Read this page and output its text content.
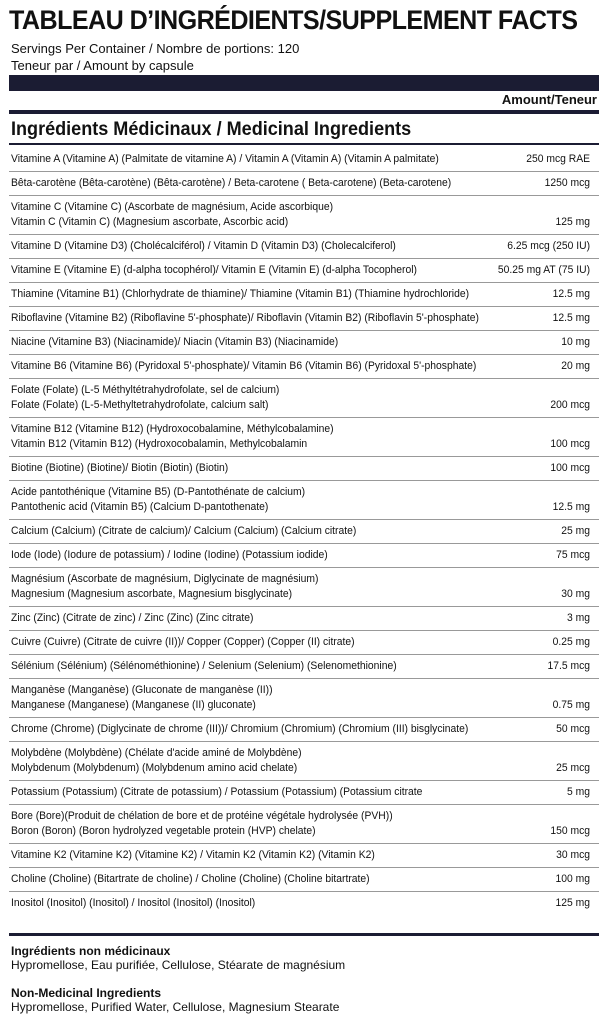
TABLEAU D’INGRÉDIENTS/SUPPLEMENT FACTS
Servings Per Container / Nombre de portions: 120
Teneur par / Amount by capsule
Amount/Teneur
Ingrédients Médicinaux / Medicinal Ingredients
Vitamine A (Vitamine A) (Palmitate de vitamine A) / Vitamin A (Vitamin A) (Vitamin A palmitate)	250 mcg RAE
Bêta-carotène (Bêta-carotène) (Bêta-carotène) / Beta-carotene ( Beta-carotene) (Beta-carotene)	1250 mcg
Vitamine C (Vitamine C) (Ascorbate de magnésium, Acide ascorbique)
Vitamin C (Vitamin C) (Magnesium ascorbate, Ascorbic acid)	125 mg
Vitamine D (Vitamine D3) (Cholécalciférol) / Vitamin D (Vitamin D3) (Cholecalciferol)	6.25 mcg (250 IU)
Vitamine E (Vitamine E) (d-alpha tocophérol)/ Vitamin E (Vitamin E) (d-alpha Tocopherol)	50.25 mg AT (75 IU)
Thiamine (Vitamine B1) (Chlorhydrate de thiamine)/ Thiamine (Vitamin B1) (Thiamine hydrochloride)	12.5 mg
Riboflavine (Vitamine B2) (Riboflavine 5'-phosphate)/ Riboflavin (Vitamin B2) (Riboflavin 5'-phosphate)	12.5 mg
Niacine (Vitamine B3) (Niacinamide)/ Niacin (Vitamin B3) (Niacinamide)	10 mg
Vitamine B6 (Vitamine B6) (Pyridoxal 5'-phosphate)/ Vitamin B6 (Vitamin B6) (Pyridoxal 5'-phosphate)	20 mg
Folate (Folate) (L-5 Méthyltétrahydrofolate, sel de calcium)
Folate (Folate) (L-5-Methyltetrahydrofolate, calcium salt)	200 mcg
Vitamine B12 (Vitamine B12) (Hydroxocobalamine, Méthylcobalamine)
Vitamin B12 (Vitamin B12) (Hydroxocobalamin, Methylcobalamin	100 mcg
Biotine (Biotine) (Biotine)/ Biotin (Biotin) (Biotin)	100 mcg
Acide pantothénique (Vitamine B5) (D-Pantothénate de calcium)
Pantothenic acid (Vitamin B5) (Calcium D-pantothenate)	12.5 mg
Calcium (Calcium) (Citrate de calcium)/ Calcium (Calcium) (Calcium citrate)	25 mg
Iode (Iode) (Iodure de potassium) / Iodine (Iodine) (Potassium iodide)	75 mcg
Magnésium (Ascorbate de magnésium, Diglycinate de magnésium)
Magnesium (Magnesium ascorbate, Magnesium bisglycinate)	30 mg
Zinc (Zinc) (Citrate de zinc) / Zinc (Zinc) (Zinc citrate)	3 mg
Cuivre (Cuivre) (Citrate de cuivre (II))/ Copper (Copper) (Copper (II) citrate)	0.25 mg
Sélénium (Sélénium) (Sélénométhionine) / Selenium (Selenium) (Selenomethionine)	17.5 mcg
Manganèse (Manganèse) (Gluconate de manganèse (II))
Manganese (Manganese) (Manganese (II) gluconate)	0.75 mg
Chrome (Chrome) (Diglycinate de chrome (III))/ Chromium (Chromium) (Chromium (III) bisglycinate)	50 mcg
Molybdène (Molybdène) (Chélate d'acide aminé de Molybdène)
Molybdenum (Molybdenum) (Molybdenum amino acid chelate)	25 mcg
Potassium (Potassium) (Citrate de potassium) / Potassium (Potassium) (Potassium citrate	5 mg
Bore (Bore)(Produit de chélation de bore et de protéine végétale hydrolysée (PVH))
Boron (Boron) (Boron hydrolyzed vegetable protein (HVP) chelate)	150 mcg
Vitamine K2 (Vitamine K2) (Vitamine K2) / Vitamin K2 (Vitamin K2) (Vitamin K2)	30 mcg
Choline (Choline) (Bitartrate de choline) / Choline (Choline) (Choline bitartrate)	100 mg
Inositol (Inositol) (Inositol) / Inositol (Inositol) (Inositol)	125 mg
Ingrédients non médicinaux
Hypromellose, Eau purifiée, Cellulose, Stéarate de magnésium
Non-Medicinal Ingredients
Hypromellose, Purified Water, Cellulose, Magnesium Stearate
